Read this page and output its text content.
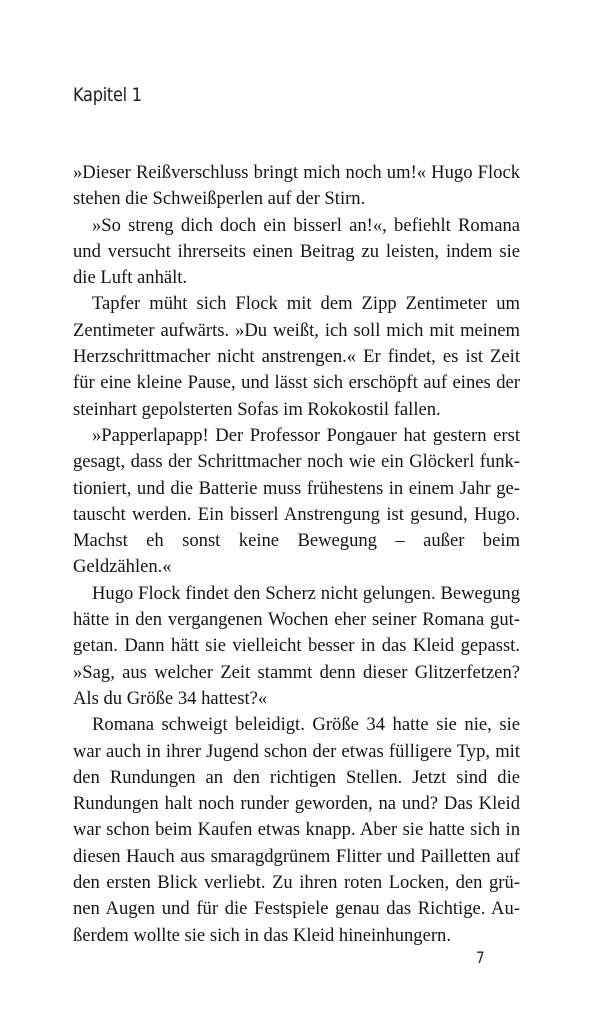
Kapitel 1

»Dieser Reißverschluss bringt mich noch um!« Hugo Flock stehen die Schweißperlen auf der Stirn.

»So streng dich doch ein bisserl an!«, befiehlt Romana und versucht ihrerseits einen Beitrag zu leisten, indem sie die Luft anhält.

Tapfer müht sich Flock mit dem Zipp Zentimeter um Zentimeter aufwärts. »Du weißt, ich soll mich mit meinem Herzschrittmacher nicht anstrengen.« Er findet, es ist Zeit für eine kleine Pause, und lässt sich erschöpft auf eines der steinhart gepolsterten Sofas im Rokokostil fallen.

»Papperlapapp! Der Professor Pongauer hat gestern erst gesagt, dass der Schrittmacher noch wie ein Glöckerl funktioniert, und die Batterie muss frühestens in einem Jahr getauscht werden. Ein bisserl Anstrengung ist gesund, Hugo. Machst eh sonst keine Bewegung – außer beim Geldzählen.«

Hugo Flock findet den Scherz nicht gelungen. Bewegung hätte in den vergangenen Wochen eher seiner Romana gutgetan. Dann hätt sie vielleicht besser in das Kleid gepasst. »Sag, aus welcher Zeit stammt denn dieser Glitzerfetzen? Als du Größe 34 hattest?«

Romana schweigt beleidigt. Größe 34 hatte sie nie, sie war auch in ihrer Jugend schon der etwas fülligere Typ, mit den Rundungen an den richtigen Stellen. Jetzt sind die Rundungen halt noch runder geworden, na und? Das Kleid war schon beim Kaufen etwas knapp. Aber sie hatte sich in diesen Hauch aus smaragdgrünem Flitter und Pailletten auf den ersten Blick verliebt. Zu ihren roten Locken, den grünen Augen und für die Festspiele genau das Richtige. Außerdem wollte sie sich in das Kleid hineinhungern.

7
